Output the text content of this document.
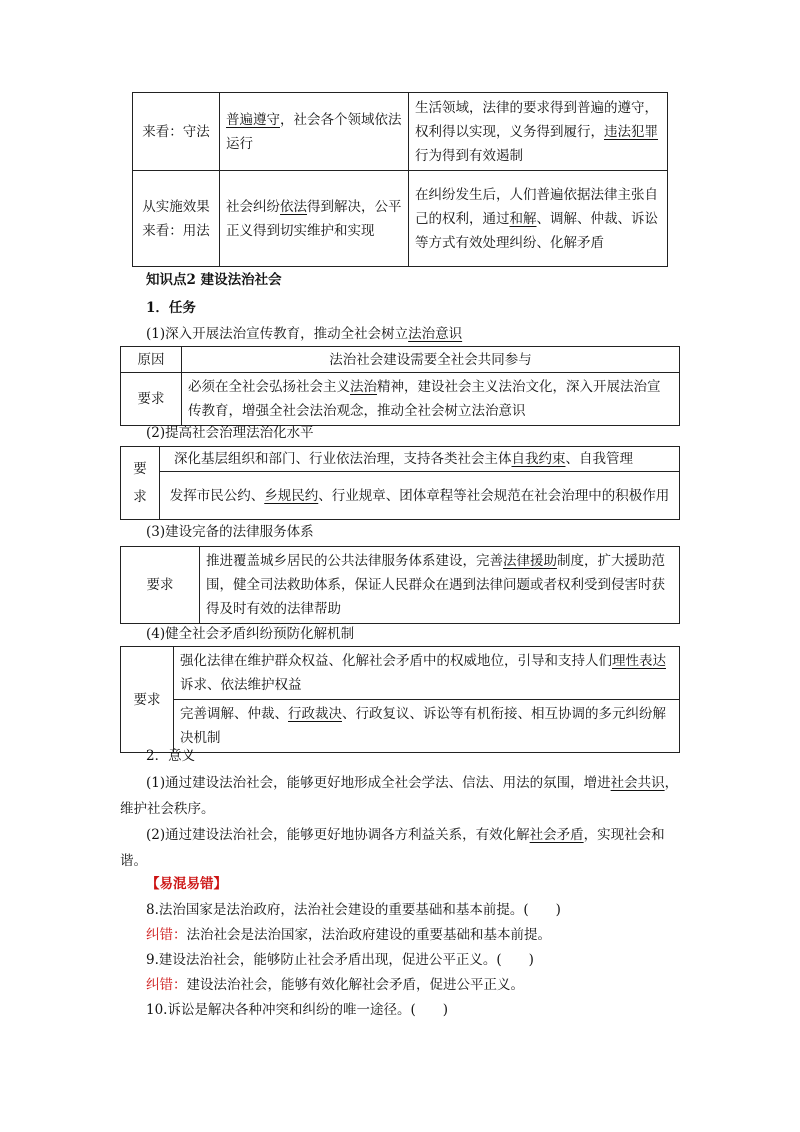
来看：守法	普遍遵守，社会各个领域依法运行	生活领域，法律的要求得到普遍的遵守，权利得以实现，义务得到履行，违法犯罪行为得到有效遏制

从实施效果
来看：用法	社会纠纷依法得到解决，公平正义得到切实维护和实现	在纠纷发生后，人们普遍依据法律主张自己的权利，通过和解、调解、仲裁、诉讼等方式有效处理纠纷、化解矛盾
知识点2 建设法治社会
1．任务
(1)深入开展法治宣传教育，推动全社会树立法治意识
原因	法治社会建设需要全社会共同参与
要求	必须在全社会弘扬社会主义法治精神，建设社会主义法治文化，深入开展法治宣传教育，增强全社会法治观念，推动全社会树立法治意识
(2)提高社会治理法治化水平
要
求
	深化基层组织和部门、行业依法治理，支持各类社会主体自我约束、自我管理
发挥市民公约、乡规民约、行业规章、团体章程等社会规范在社会治理中的积极作用
(3)建设完备的法律服务体系
要求	推进覆盖城乡居民的公共法律服务体系建设，完善法律援助制度，扩大援助范围，健全司法救助体系，保证人民群众在遇到法律问题或者权利受到侵害时获得及时有效的法律帮助
(4)健全社会矛盾纠纷预防化解机制
要求	强化法律在维护群众权益、化解社会矛盾中的权威地位，引导和支持人们理性表达诉求、依法维护权益
完善调解、仲裁、行政裁决、行政复议、诉讼等有机衔接、相互协调的多元纠纷解决机制
2．意义
(1)通过建设法治社会，能够更好地形成全社会学法、信法、用法的氛围，增进社会共识，维护社会秩序。
(2)通过建设法治社会，能够更好地协调各方利益关系，有效化解社会矛盾，实现社会和谐。
【易混易错】
8.法治国家是法治政府，法治社会建设的重要基础和基本前提。(　　)
纠错：法治社会是法治国家，法治政府建设的重要基础和基本前提。
9.建设法治社会，能够防止社会矛盾出现，促进公平正义。(　　)
纠错：建设法治社会，能够有效化解社会矛盾，促进公平正义。
10.诉讼是解决各种冲突和纠纷的唯一途径。(　　)
